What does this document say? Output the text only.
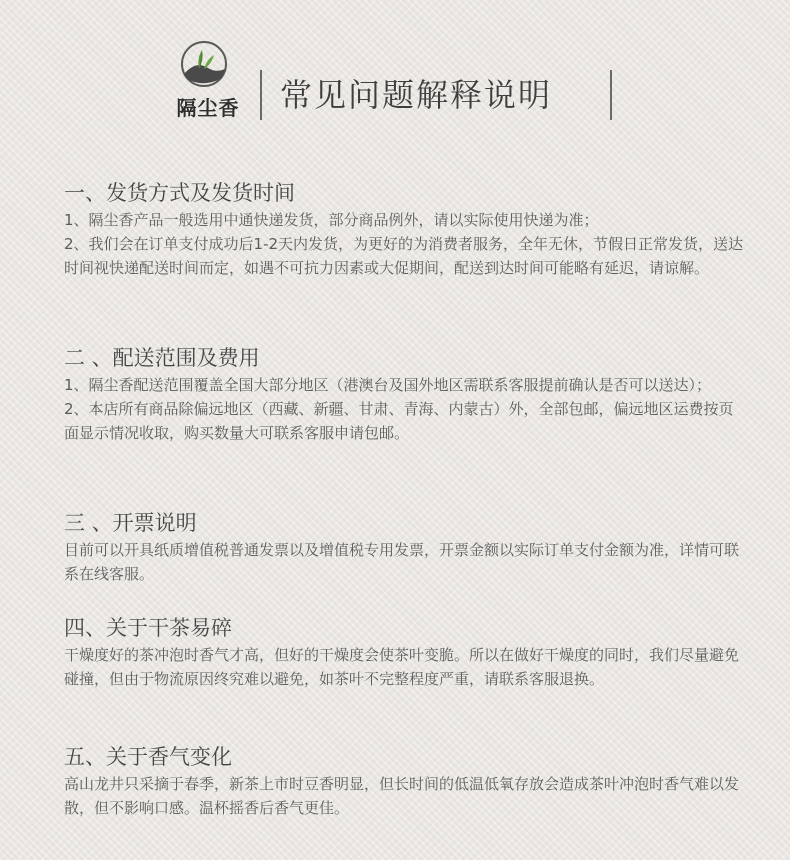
隔尘香	常见问题解释说明
一、发货方式及发货时间
1、隔尘香产品一般选用中通快递发货，部分商品例外，请以实际使用快递为准；
2、我们会在订单支付成功后1-2天内发货，为更好的为消费者服务，全年无休，节假日正常发货，送达时间视快递配送时间而定，如遇不可抗力因素或大促期间，配送到达时间可能略有延迟，请谅解。
二 、配送范围及费用
1、隔尘香配送范围覆盖全国大部分地区（港澳台及国外地区需联系客服提前确认是否可以送达）；
2、本店所有商品除偏远地区（西藏、新疆、甘肃、青海、内蒙古）外，全部包邮，偏远地区运费按页面显示情况收取，购买数量大可联系客服申请包邮。
三 、开票说明
目前可以开具纸质增值税普通发票以及增值税专用发票，开票金额以实际订单支付金额为准，详情可联系在线客服。
四、关于干茶易碎
干燥度好的茶冲泡时香气才高，但好的干燥度会使茶叶变脆。所以在做好干燥度的同时，我们尽量避免碰撞，但由于物流原因终究难以避免，如茶叶不完整程度严重，请联系客服退换。
五、关于香气变化
高山龙井只采摘于春季，新茶上市时豆香明显，但长时间的低温低氧存放会造成茶叶冲泡时香气难以发散，但不影响口感。温杯摇香后香气更佳。
